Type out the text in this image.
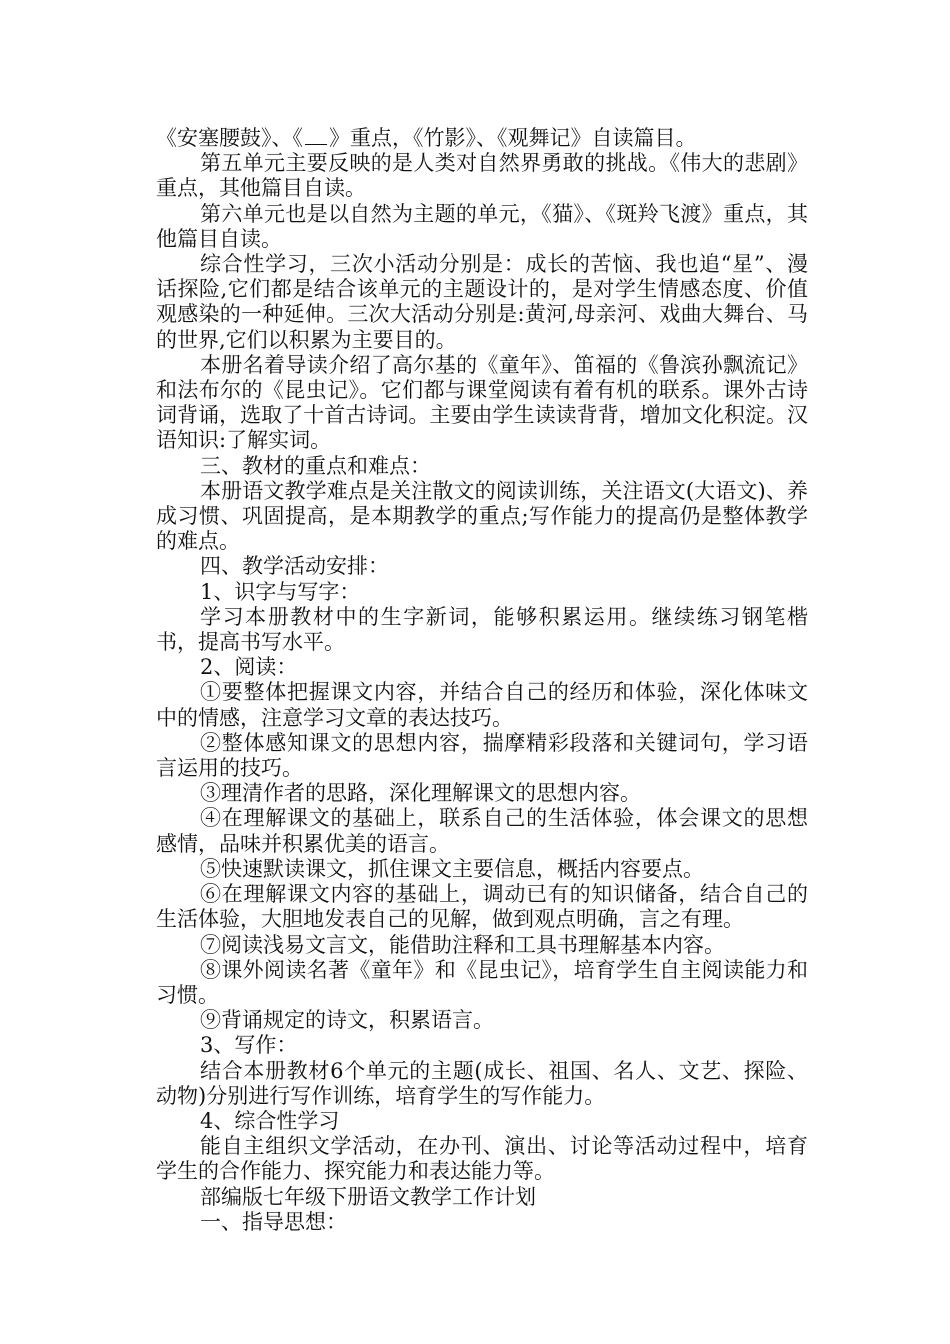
《安塞腰鼓》、《 》重点，《竹影》、《观舞记》自读篇目。

第五单元主要反映的是人类对自然界勇敢的挑战。《伟大的悲剧》重点，其他篇目自读。

第六单元也是以自然为主题的单元，《猫》、《斑羚飞渡》重点，其他篇目自读。

综合性学习，三次小活动分别是：成长的苦恼、我也追“星”、漫话探险,它们都是结合该单元的主题设计的，是对学生情感态度、价值观感染的一种延伸。三次大活动分别是:黄河,母亲河、戏曲大舞台、马的世界,它们以积累为主要目的。

本册名着导读介绍了高尔基的《童年》、笛福的《鲁滨孙飘流记》和法布尔的《昆虫记》。它们都与课堂阅读有着有机的联系。课外古诗词背诵，选取了十首古诗词。主要由学生读读背背，增加文化积淀。汉语知识:了解实词。

三、教材的重点和难点：

本册语文教学难点是关注散文的阅读训练，关注语文(大语文)、养成习惯、巩固提高，是本期教学的重点;写作能力的提高仍是整体教学的难点。

四、教学活动安排：

1、识字与写字：

学习本册教材中的生字新词，能够积累运用。继续练习钢笔楷书，提高书写水平。

2、阅读：

①要整体把握课文内容，并结合自己的经历和体验，深化体味文中的情感，注意学习文章的表达技巧。

②整体感知课文的思想内容，揣摩精彩段落和关键词句，学习语言运用的技巧。

③理清作者的思路，深化理解课文的思想内容。

④在理解课文的基础上，联系自己的生活体验，体会课文的思想感情，品味并积累优美的语言。

⑤快速默读课文，抓住课文主要信息，概括内容要点。

⑥在理解课文内容的基础上，调动已有的知识储备，结合自己的生活体验，大胆地发表自己的见解，做到观点明确，言之有理。

⑦阅读浅易文言文，能借助注释和工具书理解基本内容。

⑧课外阅读名著《童年》和《昆虫记》，培育学生自主阅读能力和习惯。

⑨背诵规定的诗文，积累语言。

3、写作：

结合本册教材6个单元的主题(成长、祖国、名人、文艺、探险、动物)分别进行写作训练，培育学生的写作能力。

4、综合性学习

能自主组织文学活动，在办刊、演出、讨论等活动过程中，培育学生的合作能力、探究能力和表达能力等。

部编版七年级下册语文教学工作计划

一、指导思想：
